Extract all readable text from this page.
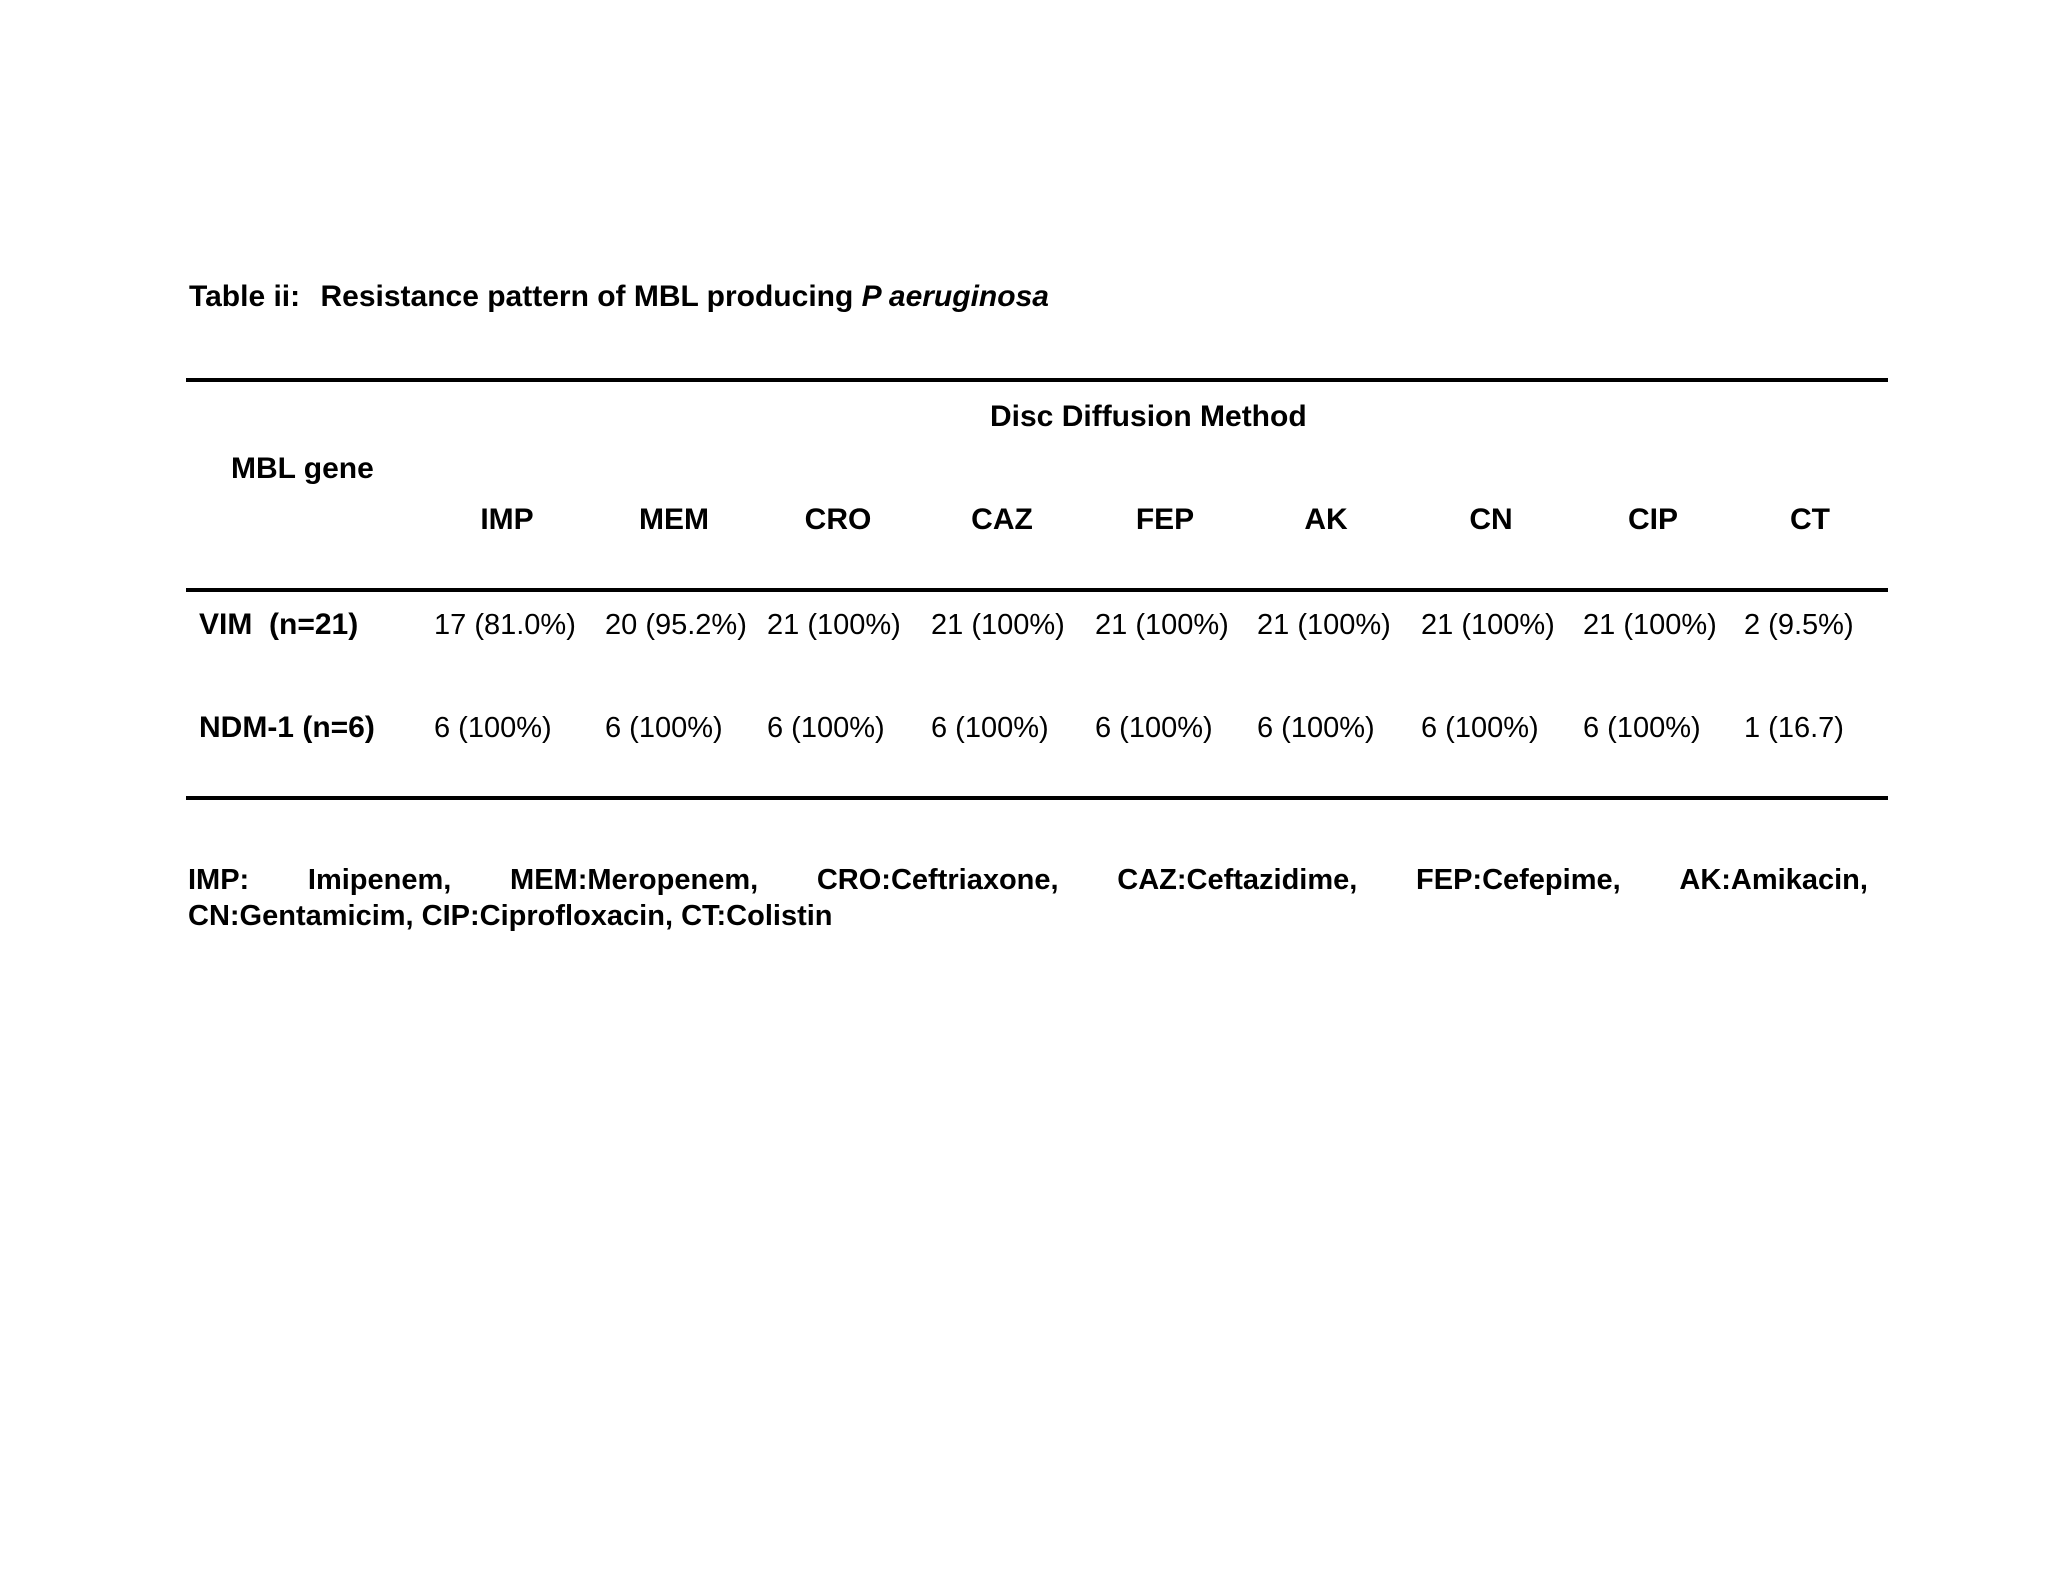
Table ii: Resistance pattern of MBL producing P aeruginosa
Disc Diffusion Method
MBL gene
IMP	MEM	CRO	CAZ	FEP	AK	CN	CIP	CT
VIM  (n=21)	17 (81.0%) 20 (95.2%) 21 (100%) 21 (100%) 21 (100%) 21 (100%) 21 (100%) 21 (100%) 2 (9.5%)
NDM-1 (n=6) 6 (100%) 6 (100%) 6 (100%) 6 (100%) 6 (100%) 6 (100%) 6 (100%) 6 (100%) 1 (16.7)
IMP: Imipenem, MEM:Meropenem, CRO:Ceftriaxone, CAZ:Ceftazidime, FEP:Cefepime, AK:Amikacin,
CN:Gentamicim, CIP:Ciprofloxacin, CT:Colistin
